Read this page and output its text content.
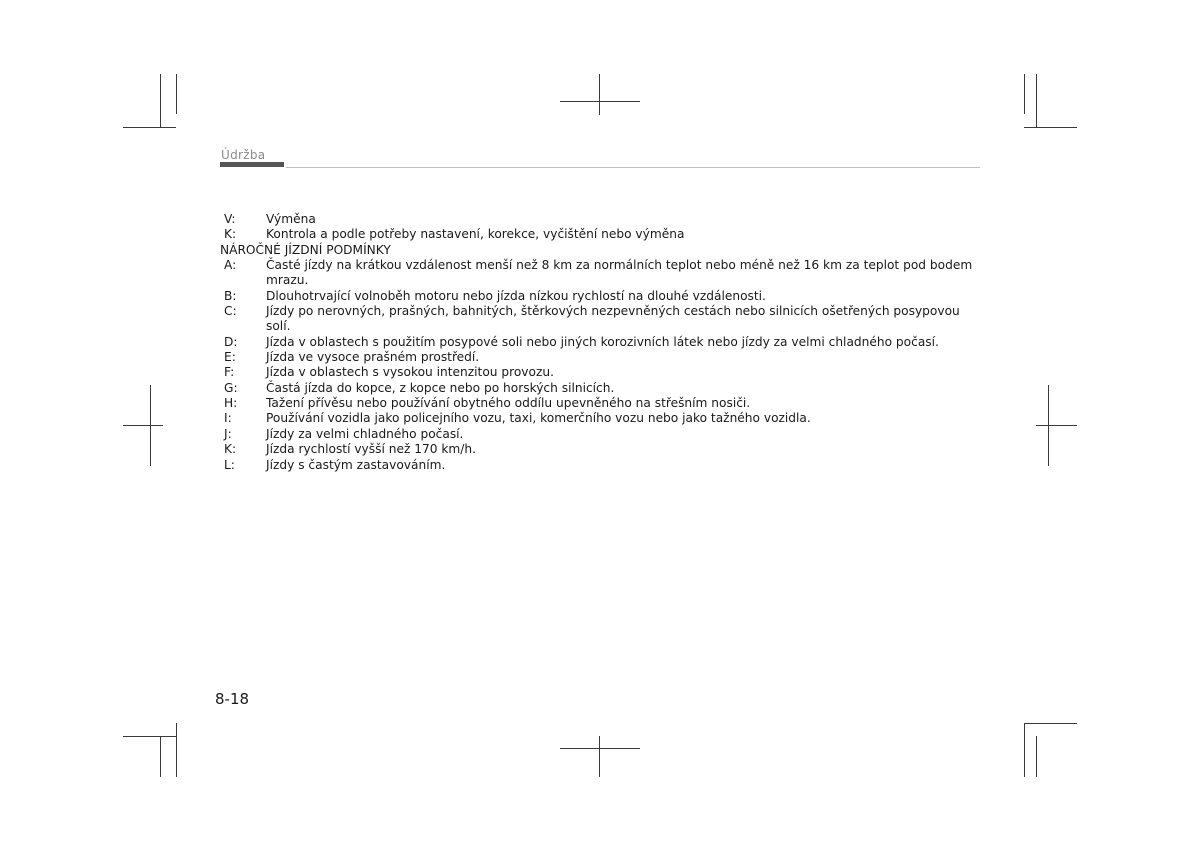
Údržba
V:	Výměna
K:	Kontrola a podle potřeby nastavení, korekce, vyčištění nebo výměna
NÁROČNÉ JÍZDNÍ PODMÍNKY
A:	Časté jízdy na krátkou vzdálenost menší než 8 km za normálních teplot nebo méně než 16 km za teplot pod bodem mrazu.
B:	Dlouhotrvající volnoběh motoru nebo jízda nízkou rychlostí na dlouhé vzdálenosti.
C:	Jízdy po nerovných, prašných, bahnitých, štěrkových nezpevněných cestách nebo silnicích ošetřených posypovou solí.
D:	Jízda v oblastech s použitím posypové soli nebo jiných korozivních látek nebo jízdy za velmi chladného počasí.
E:	Jízda ve vysoce prašném prostředí.
F:	Jízda v oblastech s vysokou intenzitou provozu.
G:	Častá jízda do kopce, z kopce nebo po horských silnicích.
H:	Tažení přívěsu nebo používání obytného oddílu upevněného na střešním nosiči.
I:	Používání vozidla jako policejního vozu, taxi, komerčního vozu nebo jako tažného vozidla.
J:	Jízdy za velmi chladného počasí.
K:	Jízda rychlostí vyšší než 170 km/h.
L:	Jízdy s častým zastavováním.
8-18
